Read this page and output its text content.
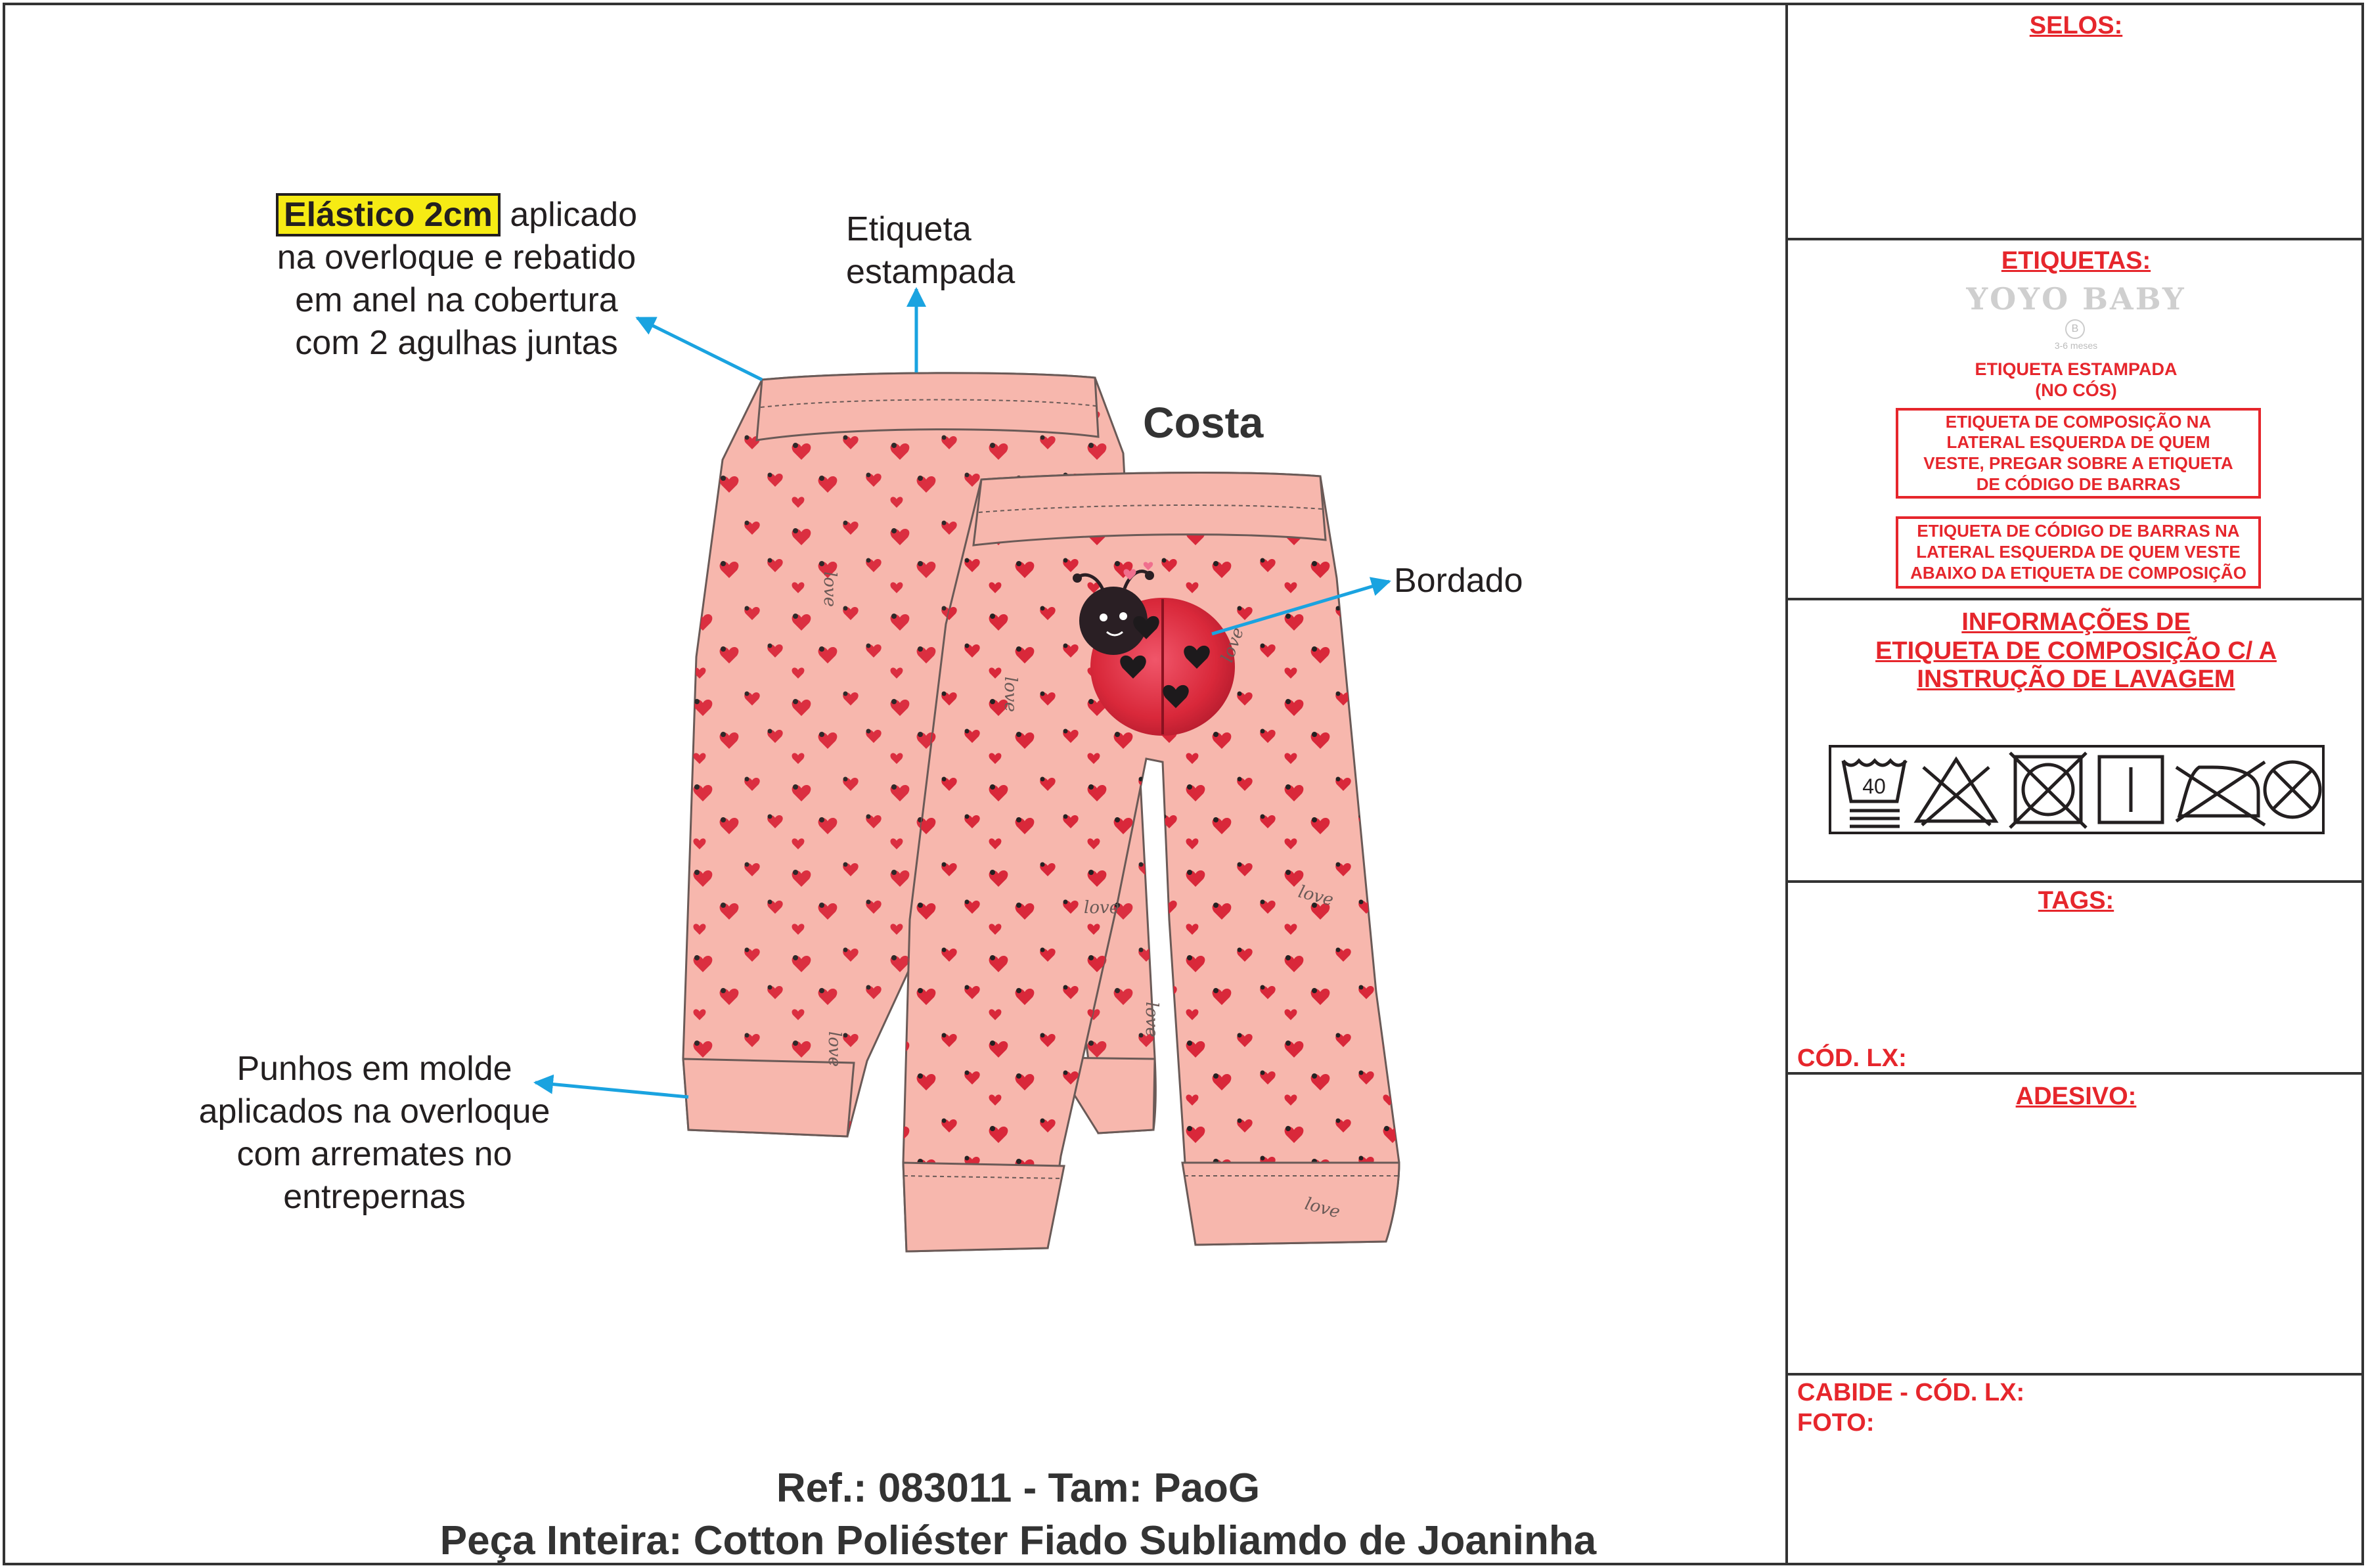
love
love
love	love
love
love
love
love
Costa
Elástico 2cm aplicado
na overloque e rebatido
em anel na cobertura
com 2 agulhas juntas
Etiqueta
estampada
Bordado
Punhos em molde
aplicados na overloque
com arremates no
entrepernas
Ref.: 083011 - Tam: PaoG
Peça Inteira: Cotton Poliéster Fiado Subliamdo de Joaninha
SELOS:
ETIQUETAS:
YOYO BABY
B
3-6 meses
ETIQUETA ESTAMPADA
(NO CÓS)
ETIQUETA DE COMPOSIÇÃO NA
LATERAL ESQUERDA DE QUEM
VESTE, PREGAR SOBRE A ETIQUETA
DE CÓDIGO DE BARRAS
ETIQUETA DE CÓDIGO DE BARRAS NA
LATERAL ESQUERDA DE QUEM VESTE
ABAIXO DA ETIQUETA DE COMPOSIÇÃO
INFORMAÇÕES DE
ETIQUETA DE COMPOSIÇÃO C/ A
INSTRUÇÃO DE LAVAGEM
40
TAGS:
CÓD. LX:
ADESIVO:
CABIDE - CÓD. LX:
FOTO:
